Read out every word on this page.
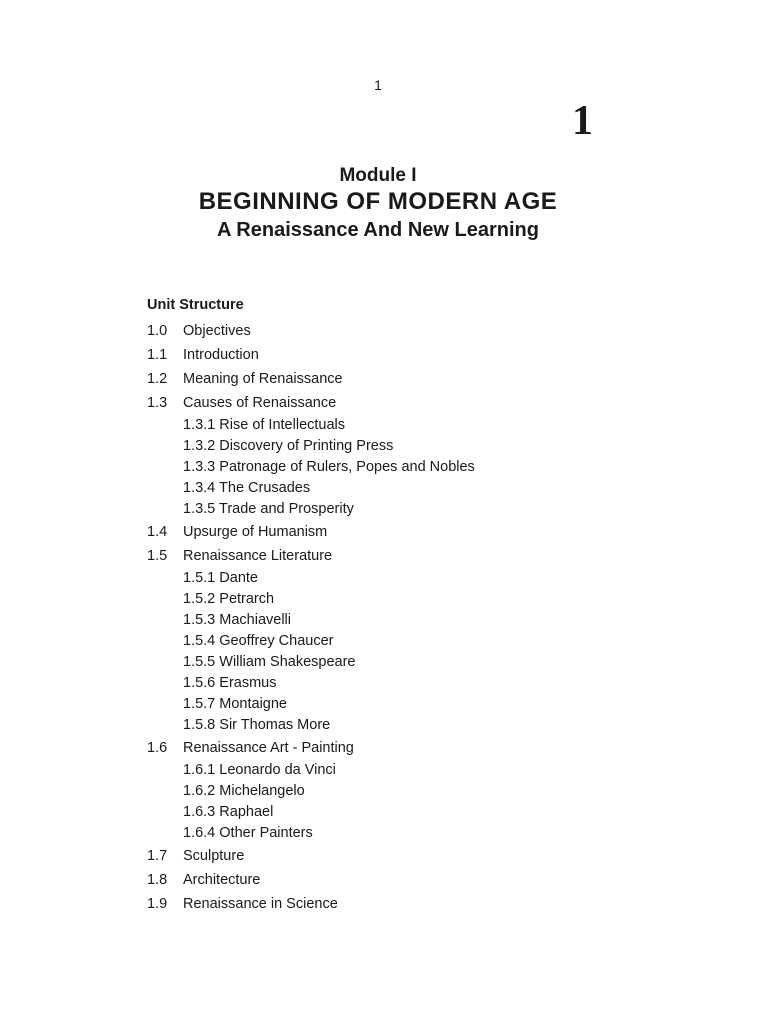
1
1
Module I
BEGINNING OF MODERN AGE
A Renaissance And New Learning
Unit Structure
1.0	Objectives
1.1	Introduction
1.2	Meaning of Renaissance
1.3	Causes of Renaissance
1.3.1 Rise of Intellectuals
1.3.2 Discovery of Printing Press
1.3.3 Patronage of Rulers, Popes and Nobles
1.3.4 The Crusades
1.3.5 Trade and Prosperity
1.4	Upsurge of Humanism
1.5	Renaissance Literature
1.5.1 Dante
1.5.2 Petrarch
1.5.3 Machiavelli
1.5.4 Geoffrey Chaucer
1.5.5 William Shakespeare
1.5.6 Erasmus
1.5.7 Montaigne
1.5.8 Sir Thomas More
1.6	Renaissance Art - Painting
1.6.1 Leonardo da Vinci
1.6.2 Michelangelo
1.6.3 Raphael
1.6.4 Other Painters
1.7	Sculpture
1.8	Architecture
1.9	Renaissance in Science
